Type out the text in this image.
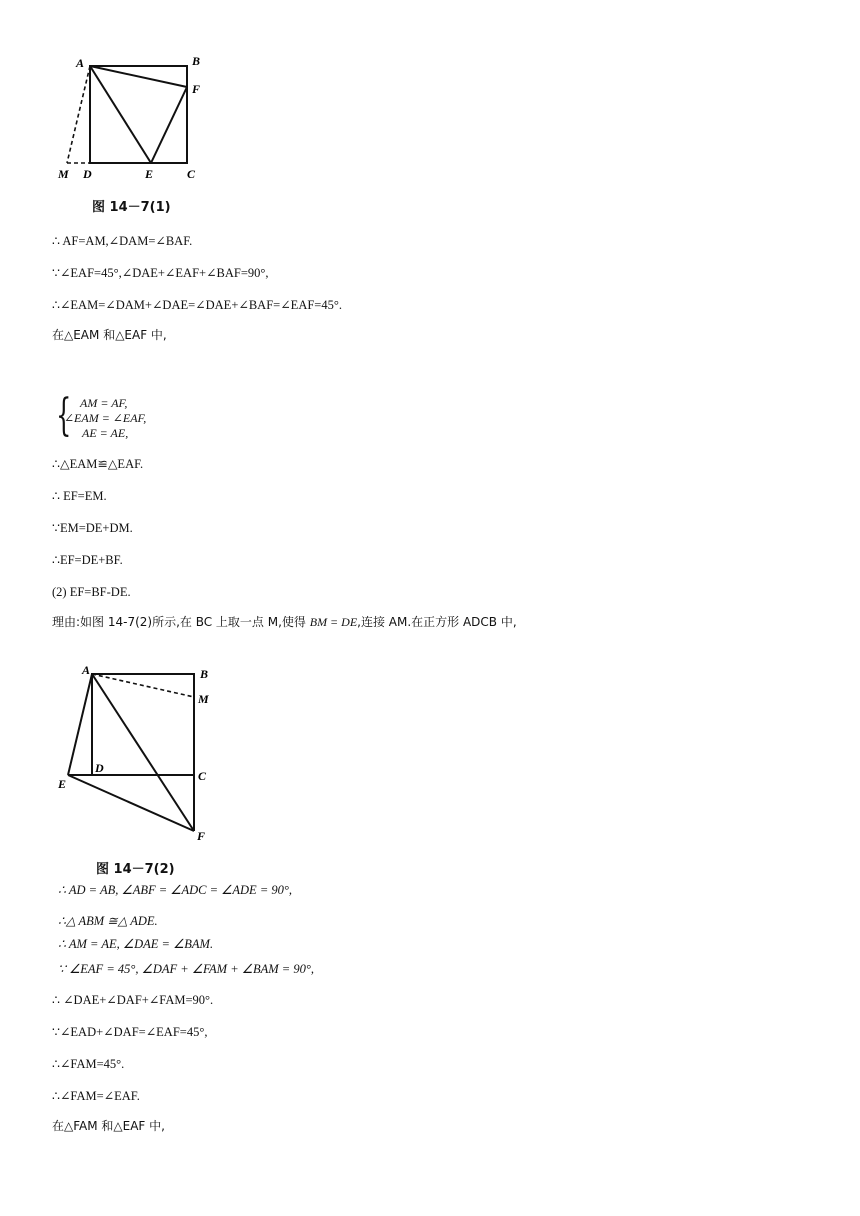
A	B
F
M D	E	C
图 14－7(1)
∴ AF=AM,∠DAM=∠BAF.
∵∠EAF=45°,∠DAE+∠EAF+∠BAF=90°,
∴∠EAM=∠DAM+∠DAE=∠DAE+∠BAF=∠EAF=45°.
在△EAM 和△EAF 中,
{ AM = AF,
∠EAM = ∠EAF,
AE = AE,
∴△EAM≌△EAF.
∴ EF=EM.
∵EM=DE+DM.
∴EF=DE+BF.
(2) EF=BF-DE.
理由:如图 14-7(2)所示,在 BC 上取一点 M,使得 BM = DE,连接 AM.在正方形 ADCB 中,
A	B
M
D
C
E
F
图 14－7(2)
∴ AD = AB, ∠ABF = ∠ADC = ∠ADE = 90°,
∴△ ABM ≅△ ADE.
∴ AM = AE, ∠DAE = ∠BAM.
∵ ∠EAF = 45°, ∠DAF + ∠FAM + ∠BAM = 90°,
∴ ∠DAE+∠DAF+∠FAM=90°.
∵∠EAD+∠DAF=∠EAF=45°,
∴∠FAM=45°.
∴∠FAM=∠EAF.
在△FAM 和△EAF 中,
